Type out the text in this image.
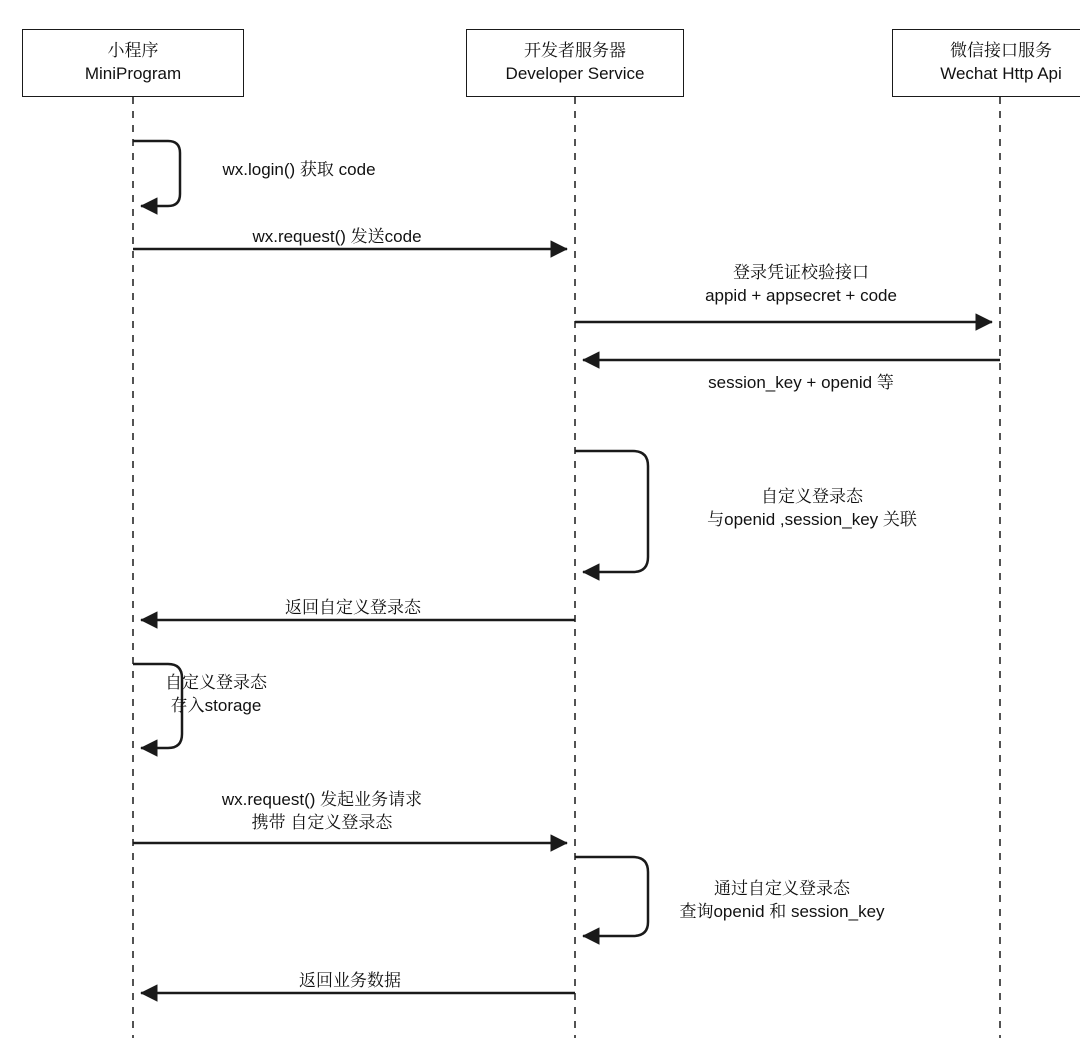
小程序
MiniProgram
开发者服务器
Developer Service
微信接口服务
Wechat Http Api
wx.login() 获取 code
wx.request() 发送code
登录凭证校验接口
appid + appsecret + code
session_key + openid 等
自定义登录态
与openid ,session_key 关联
返回自定义登录态
自定义登录态
存入storage
wx.request() 发起业务请求
携带 自定义登录态
通过自定义登录态
查询openid 和 session_key
返回业务数据
